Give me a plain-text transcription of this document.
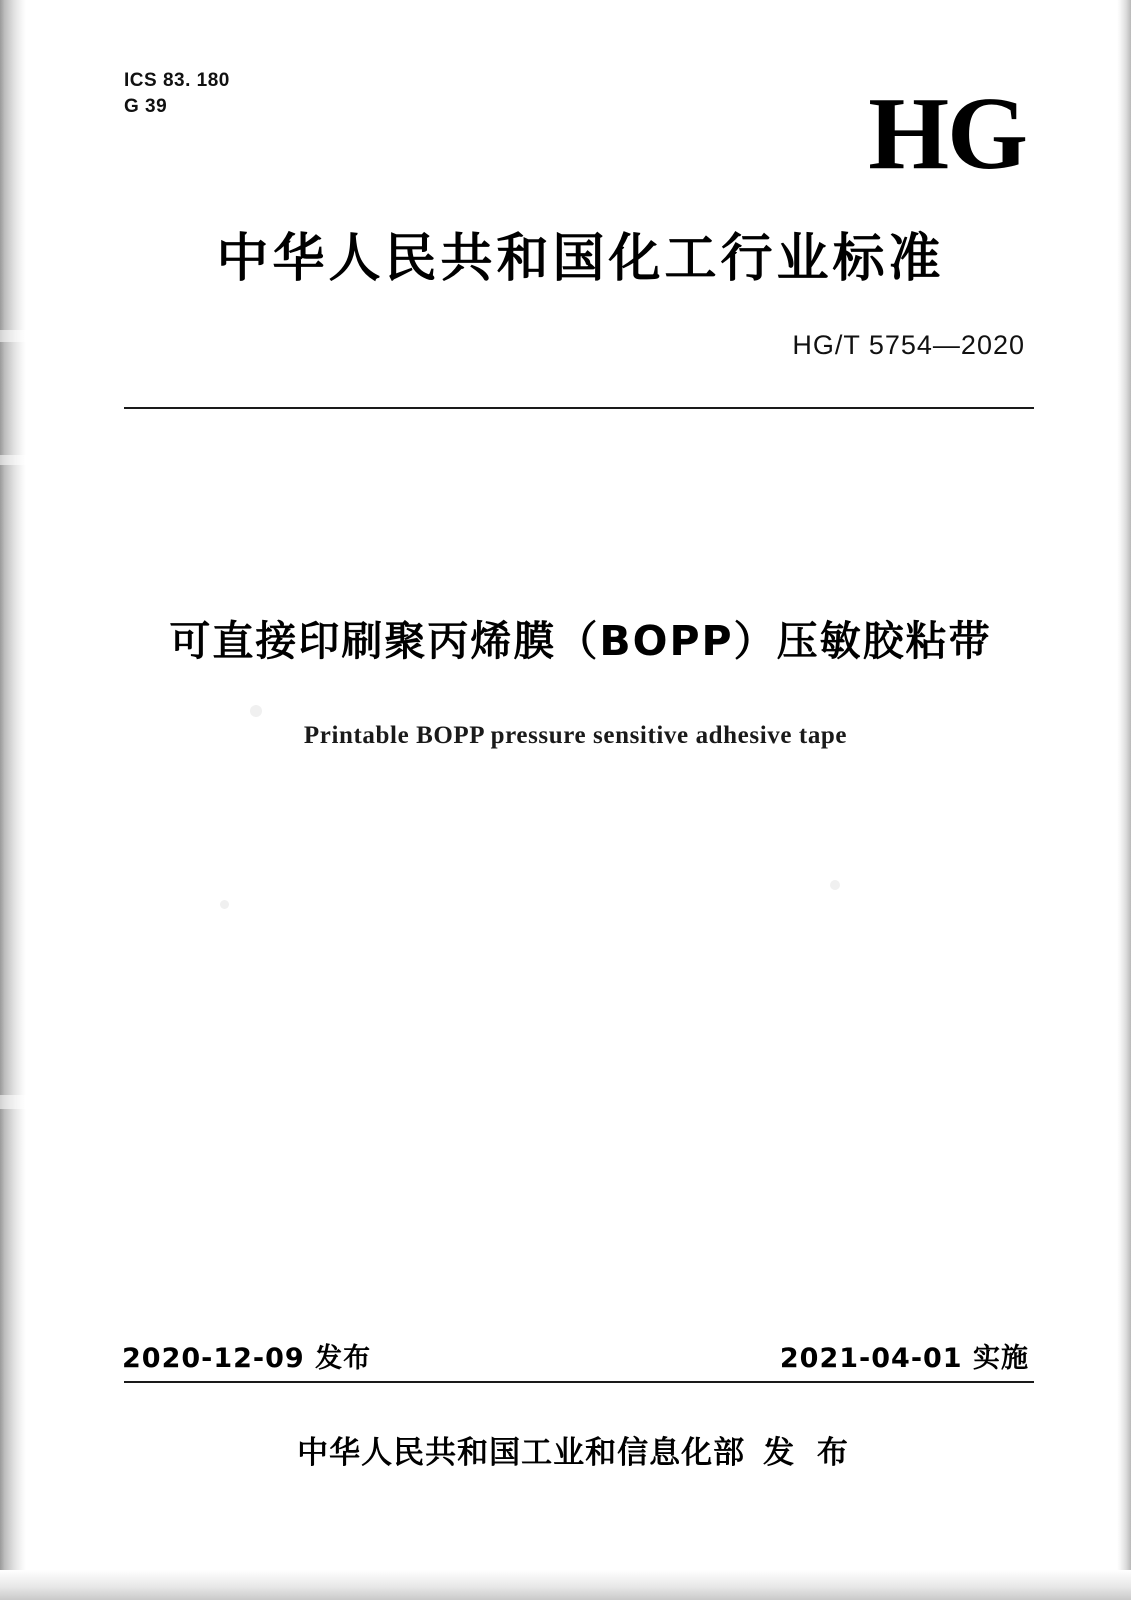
ICS 83. 180
G 39	HG
中华人民共和国化工行业标准
HG/T 5754—2020
可直接印刷聚丙烯膜（BOPP）压敏胶粘带
Printable BOPP pressure sensitive adhesive tape
2020-12-09 发布	2021-04-01 实施
中华人民共和国工业和信息化部 发 布
